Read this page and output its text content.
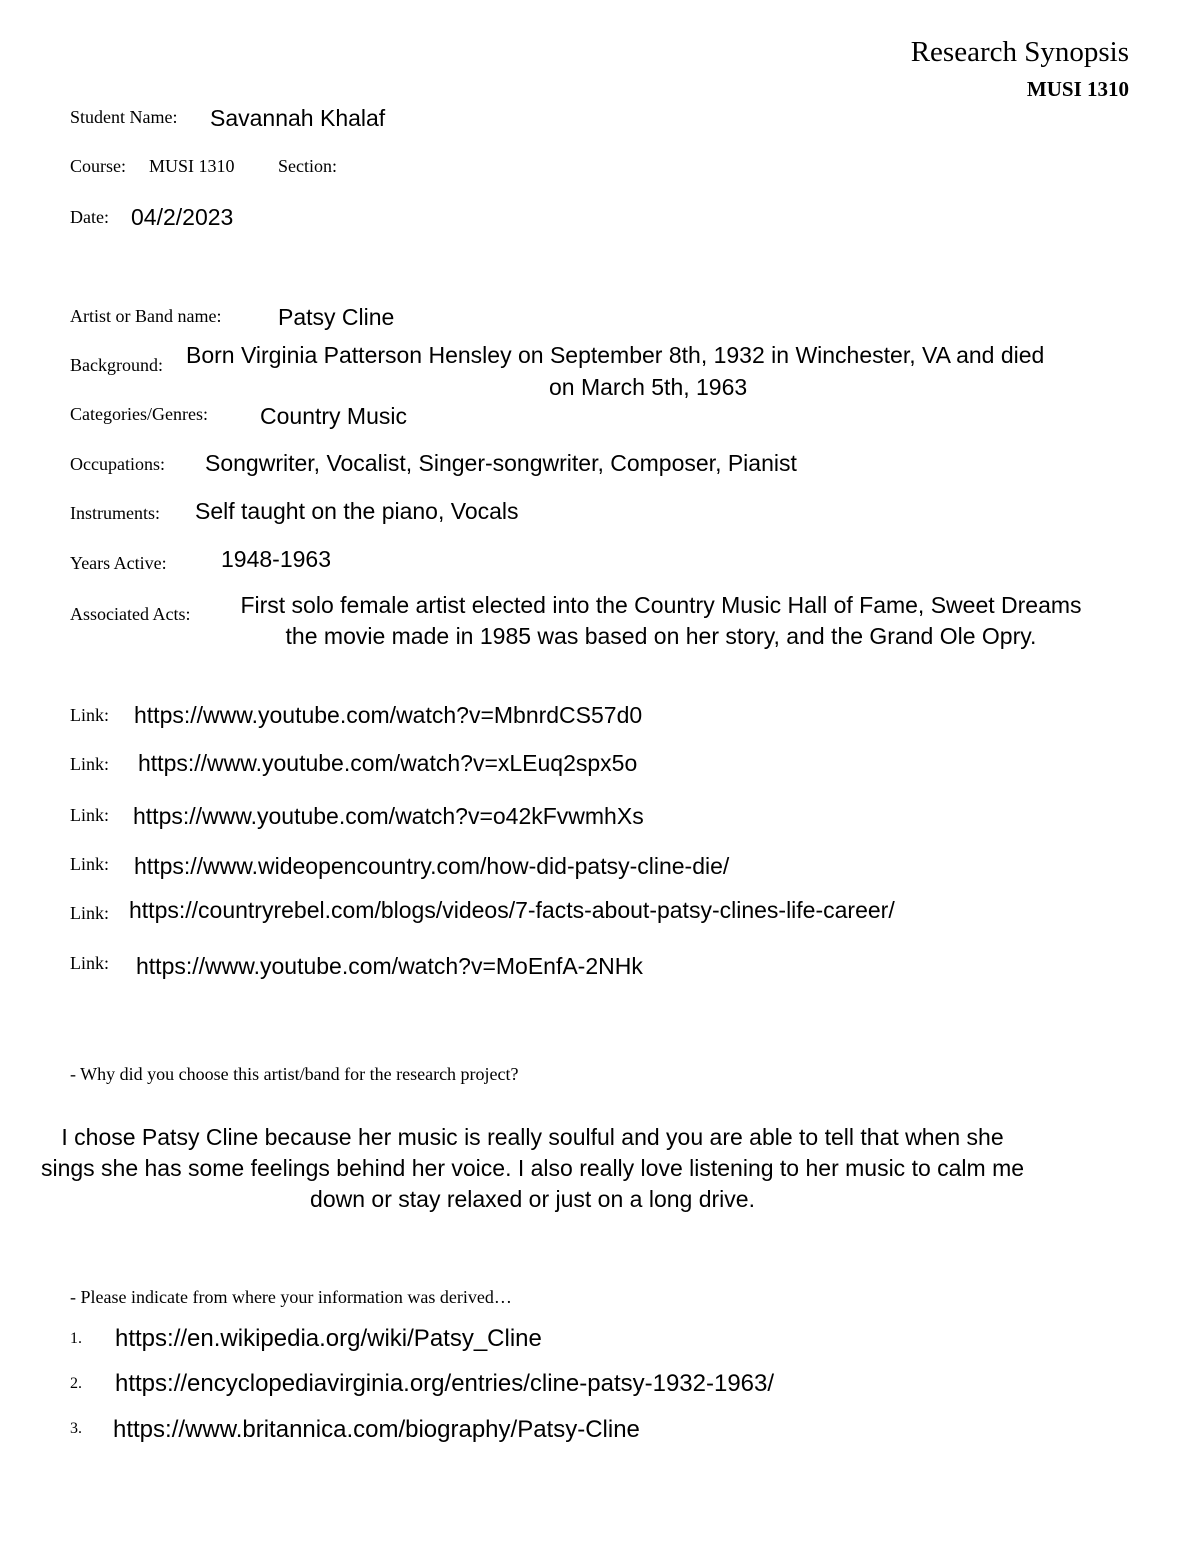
Research Synopsis
MUSI 1310
Student Name: Savannah Khalaf
Course: MUSI 1310 Section:
Date: 04/2/2023
Artist or Band name: Patsy Cline
Background: Born Virginia Patterson Hensley on September 8th, 1932 in Winchester, VA and died
on March 5th, 1963
Categories/Genres: Country Music
Occupations: Songwriter, Vocalist, Singer-songwriter, Composer, Pianist
Instruments: Self taught on the piano, Vocals
Years Active: 1948-1963
Associated Acts:	First solo female artist elected into the Country Music Hall of Fame, Sweet Dreams the movie made in 1985 was based on her story, and the Grand Ole Opry.
Link: https://www.youtube.com/watch?v=MbnrdCS57d0
Link: https://www.youtube.com/watch?v=xLEuq2spx5o
Link: https://www.youtube.com/watch?v=o42kFvwmhXs
Link: https://www.wideopencountry.com/how-did-patsy-cline-die/
Link: https://countryrebel.com/blogs/videos/7-facts-about-patsy-clines-life-career/
Link: https://www.youtube.com/watch?v=MoEnfA-2NHk
- Why did you choose this artist/band for the research project?
I chose Patsy Cline because her music is really soulful and you are able to tell that when she sings she has some feelings behind her voice. I also really love listening to her music to calm me down or stay relaxed or just on a long drive.
- Please indicate from where your information was derived…
1. https://en.wikipedia.org/wiki/Patsy_Cline
2. https://encyclopediavirginia.org/entries/cline-patsy-1932-1963/
3. https://www.britannica.com/biography/Patsy-Cline
